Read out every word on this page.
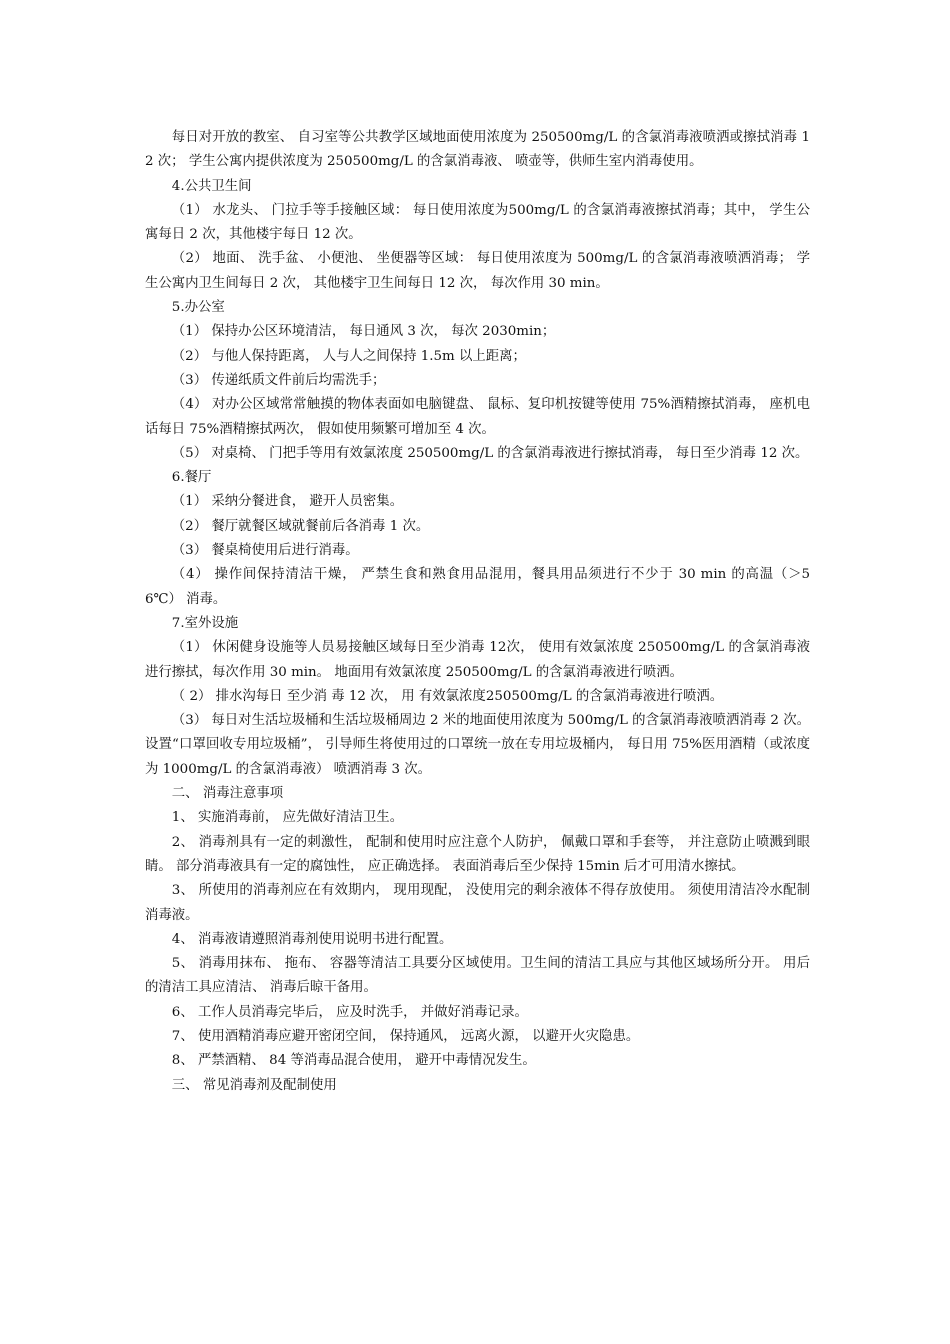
每日对开放的教室、 自习室等公共教学区域地面使用浓度为 250500mg/L 的含氯消毒液喷洒或擦拭消毒 12 次； 学生公寓内提供浓度为 250500mg/L 的含氯消毒液、 喷壶等，供师生室内消毒使用。

4.公共卫生间

（1） 水龙头、 门拉手等手接触区域： 每日使用浓度为500mg/L 的含氯消毒液擦拭消毒；其中， 学生公寓每日 2 次，其他楼宇每日 12 次。

（2） 地面、 洗手盆、 小便池、 坐便器等区域： 每日使用浓度为 500mg/L 的含氯消毒液喷洒消毒； 学生公寓内卫生间每日 2 次， 其他楼宇卫生间每日 12 次， 每次作用 30 min。

5.办公室

（1） 保持办公区环境清洁， 每日通风 3 次， 每次 2030min；

（2） 与他人保持距离， 人与人之间保持 1.5m 以上距离；

（3） 传递纸质文件前后均需洗手；

（4） 对办公区域常常触摸的物体表面如电脑键盘、 鼠标、复印机按键等使用 75%酒精擦拭消毒， 座机电话每日 75%酒精擦拭两次， 假如使用频繁可增加至 4 次。

（5） 对桌椅、 门把手等用有效氯浓度 250500mg/L 的含氯消毒液进行擦拭消毒， 每日至少消毒 12 次。

6.餐厅

（1） 采纳分餐进食， 避开人员密集。

（2） 餐厅就餐区域就餐前后各消毒 1 次。

（3） 餐桌椅使用后进行消毒。

（4） 操作间保持清洁干燥， 严禁生食和熟食用品混用，餐具用品须进行不少于 30 min 的高温（＞56℃） 消毒。

7.室外设施

（1） 休闲健身设施等人员易接触区域每日至少消毒 12次， 使用有效氯浓度 250500mg/L 的含氯消毒液进行擦拭，每次作用 30 min。 地面用有效氯浓度 250500mg/L 的含氯消毒液进行喷洒。

（ 2） 排水沟每日 至少消 毒 12 次， 用 有效氯浓度250500mg/L 的含氯消毒液进行喷洒。

（3） 每日对生活垃圾桶和生活垃圾桶周边 2 米的地面使用浓度为 500mg/L 的含氯消毒液喷洒消毒 2 次。 设置“口罩回收专用垃圾桶”， 引导师生将使用过的口罩统一放在专用垃圾桶内， 每日用 75%医用酒精（或浓度为 1000mg/L 的含氯消毒液） 喷洒消毒 3 次。

二、 消毒注意事项

1、 实施消毒前， 应先做好清洁卫生。

2、 消毒剂具有一定的刺激性， 配制和使用时应注意个人防护， 佩戴口罩和手套等， 并注意防止喷溅到眼睛。 部分消毒液具有一定的腐蚀性， 应正确选择。 表面消毒后至少保持 15min 后才可用清水擦拭。

3、 所使用的消毒剂应在有效期内， 现用现配， 没使用完的剩余液体不得存放使用。 须使用清洁冷水配制消毒液。

4、 消毒液请遵照消毒剂使用说明书进行配置。

5、 消毒用抹布、 拖布、 容器等清洁工具要分区域使用。卫生间的清洁工具应与其他区域场所分开。 用后的清洁工具应清洁、 消毒后晾干备用。

6、 工作人员消毒完毕后， 应及时洗手， 并做好消毒记录。

7、 使用酒精消毒应避开密闭空间， 保持通风， 远离火源， 以避开火灾隐患。

8、 严禁酒精、 84 等消毒品混合使用， 避开中毒情况发生。

三、 常见消毒剂及配制使用
